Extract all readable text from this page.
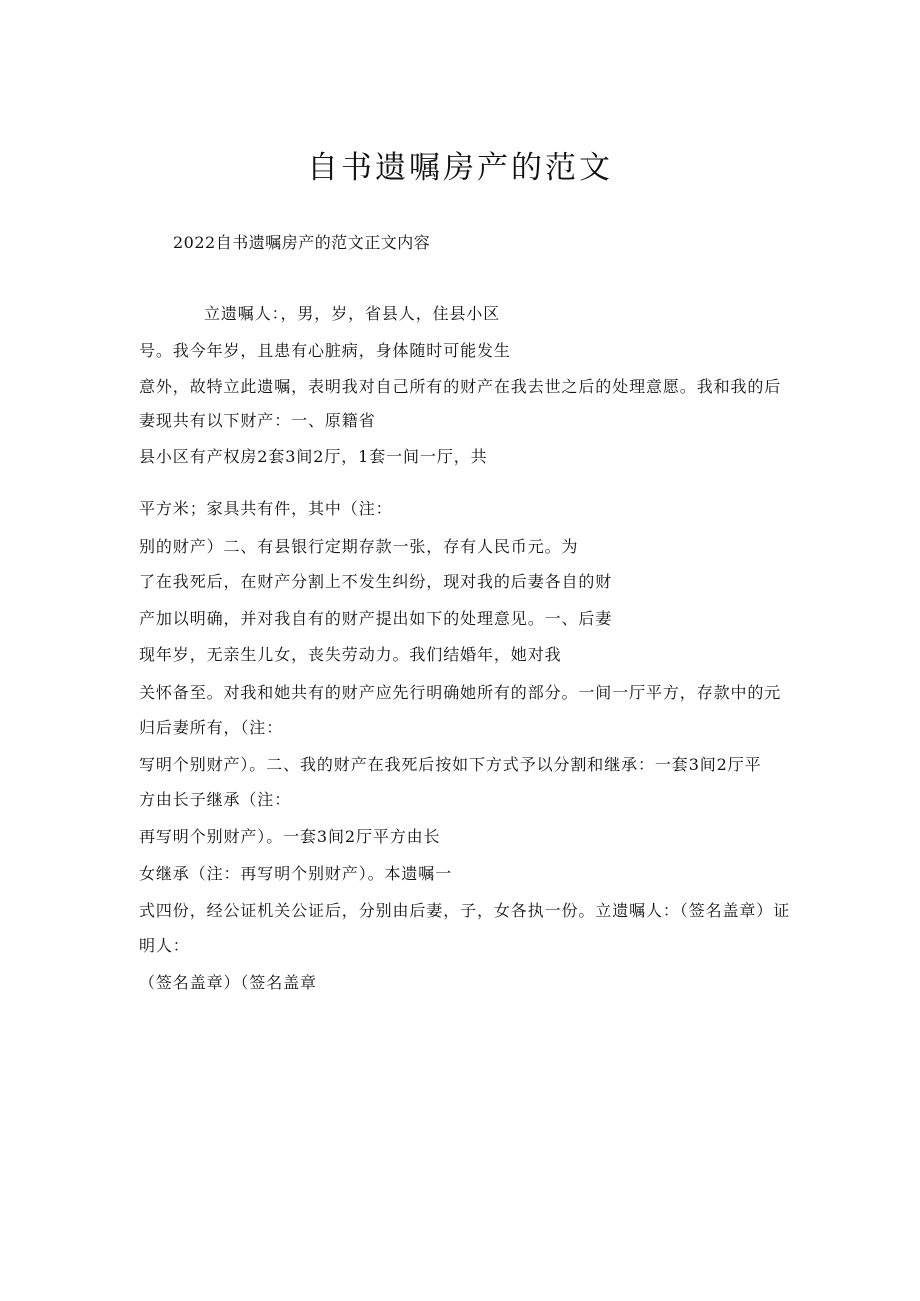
自书遗嘱房产的范文

2022自书遗嘱房产的范文正文内容

立遗嘱人：，男，岁，省县人，住县小区

号。我今年岁，且患有心脏病，身体随时可能发生

意外，故特立此遗嘱，表明我对自己所有的财产在我去世之后的处理意愿。我和我的后

妻现共有以下财产：一、原籍省

县小区有产权房2套3间2厅，1套一间一厅，共

平方米；家具共有件，其中（注：

别的财产）二、有县银行定期存款一张，存有人民币元。为

了在我死后，在财产分割上不发生纠纷，现对我的后妻各自的财

产加以明确，并对我自有的财产提出如下的处理意见。一、后妻

现年岁，无亲生儿女，丧失劳动力。我们结婚年，她对我

关怀备至。对我和她共有的财产应先行明确她所有的部分。一间一厅平方，存款中的元

归后妻所有，（注：

写明个别财产）。二、我的财产在我死后按如下方式予以分割和继承：一套3间2厅平

方由长子继承（注：

再写明个别财产）。一套3间2厅平方由长

女继承（注：再写明个别财产）。本遗嘱一

式四份，经公证机关公证后，分别由后妻，子，女各执一份。立遗嘱人：（签名盖章）证

明人：

（签名盖章）（签名盖章
